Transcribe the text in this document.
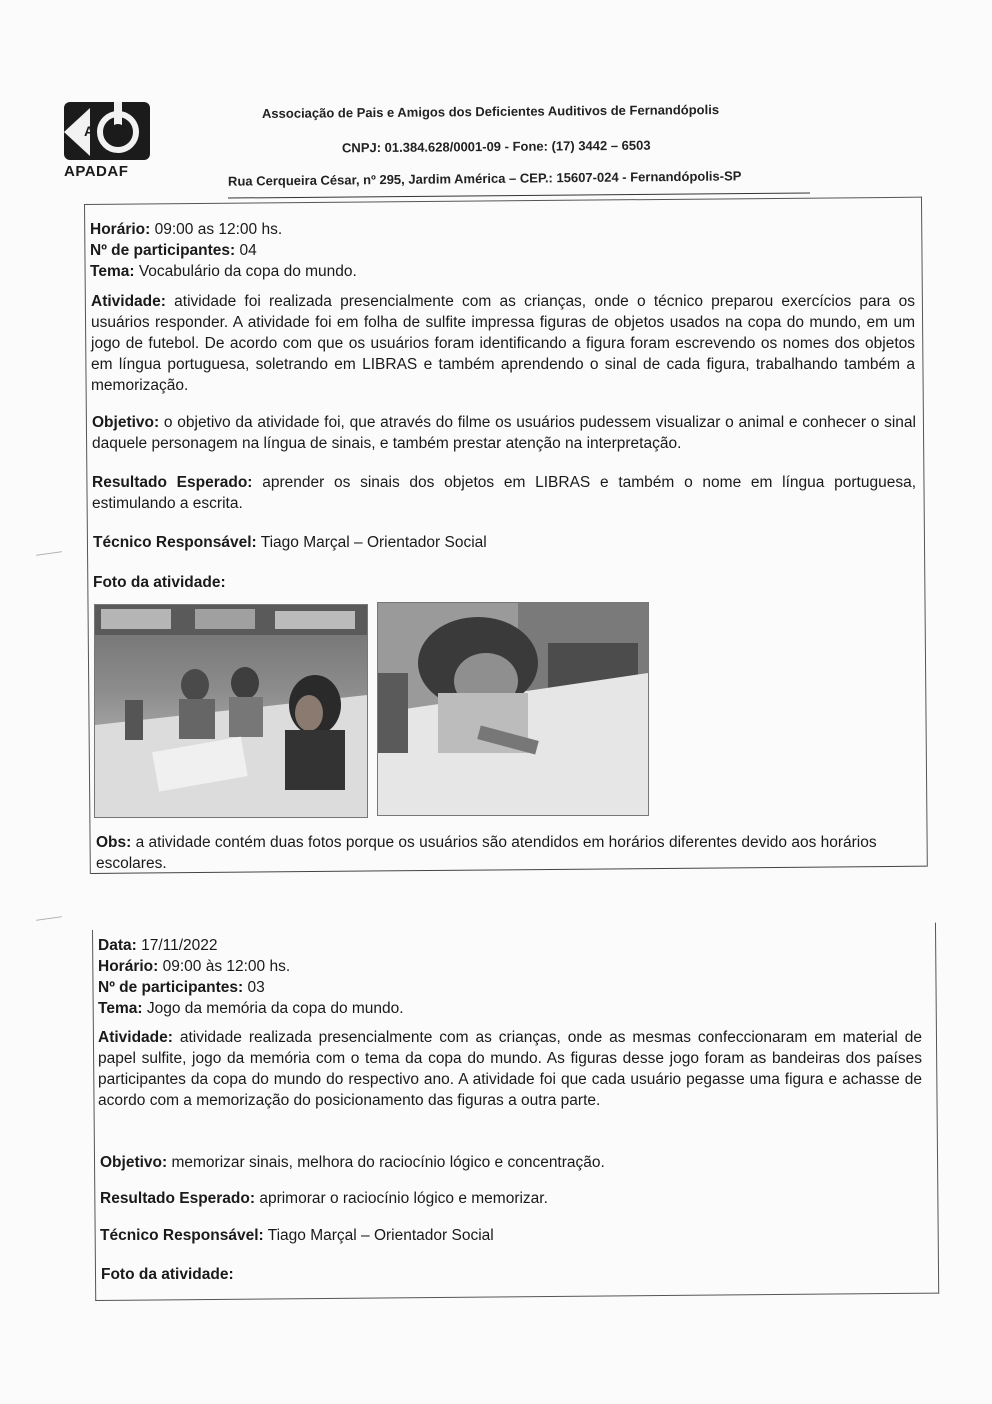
A
APADAF
Associação de Pais e Amigos dos Deficientes Auditivos de Fernandópolis
CNPJ: 01.384.628/0001-09 - Fone: (17) 3442 – 6503
Rua Cerqueira César, nº 295, Jardim América – CEP.: 15607-024 - Fernandópolis-SP

Horário: 09:00 as 12:00 hs.

Nº de participantes: 04

Tema: Vocabulário da copa do mundo.

Atividade: atividade foi realizada presencialmente com as crianças, onde o técnico preparou exercícios para os usuários responder. A atividade foi em folha de sulfite impressa figuras de objetos usados na copa do mundo, em um jogo de futebol. De acordo com que os usuários foram identificando a figura foram escrevendo os nomes dos objetos em língua portuguesa, soletrando em LIBRAS e também aprendendo o sinal de cada figura, trabalhando também a memorização.

Objetivo: o objetivo da atividade foi, que através do filme os usuários pudessem visualizar o animal e conhecer o sinal daquele personagem na língua de sinais, e também prestar atenção na interpretação.

Resultado Esperado: aprender os sinais dos objetos em LIBRAS e também o nome em língua portuguesa, estimulando a escrita.

Técnico Responsável: Tiago Marçal – Orientador Social

Foto da atividade:

Obs: a atividade contém duas fotos porque os usuários são atendidos em horários diferentes devido aos horários escolares.

Data: 17/11/2022

Horário: 09:00 às 12:00 hs.

Nº de participantes: 03

Tema: Jogo da memória da copa do mundo.

Atividade: atividade realizada presencialmente com as crianças, onde as mesmas confeccionaram em material de papel sulfite, jogo da memória com o tema da copa do mundo. As figuras desse jogo foram as bandeiras dos países participantes da copa do mundo do respectivo ano. A atividade foi que cada usuário pegasse uma figura e achasse de acordo com a memorização do posicionamento das figuras a outra parte.

Objetivo: memorizar sinais, melhora do raciocínio lógico e concentração.

Resultado Esperado: aprimorar o raciocínio lógico e memorizar.

Técnico Responsável: Tiago Marçal – Orientador Social

Foto da atividade:
